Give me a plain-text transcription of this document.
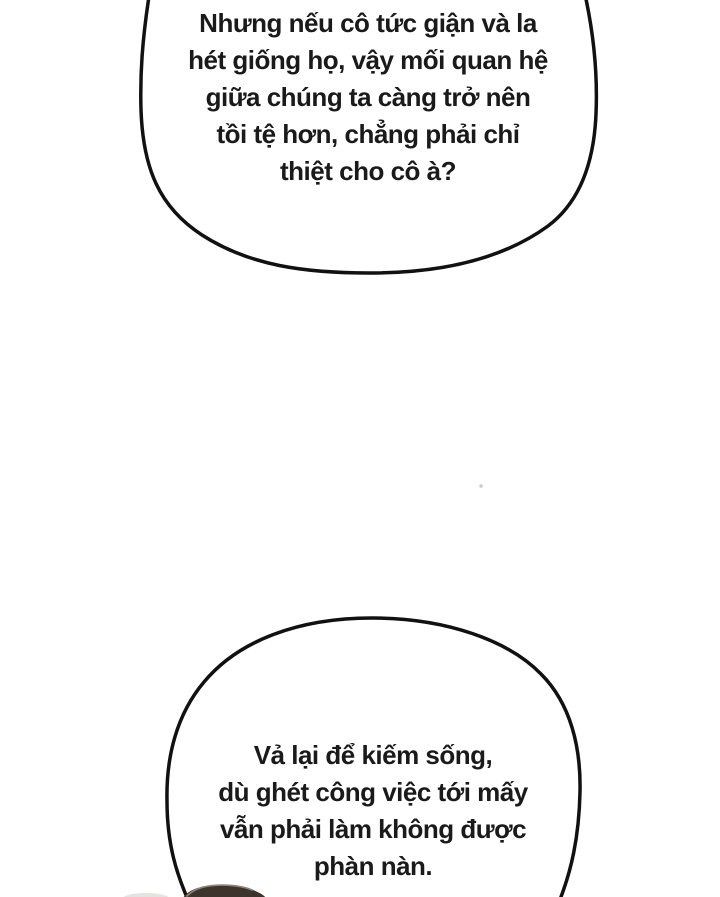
Nhưng nếu cô tức giận và la
hét giống họ, vậy mối quan hệ
giữa chúng ta càng trở nên
tồi tệ hơn, chẳng phải chỉ
thiệt cho cô à?
Vả lại để kiếm sống,
dù ghét công việc tới mấy
vẫn phải làm không được
phàn nàn.
